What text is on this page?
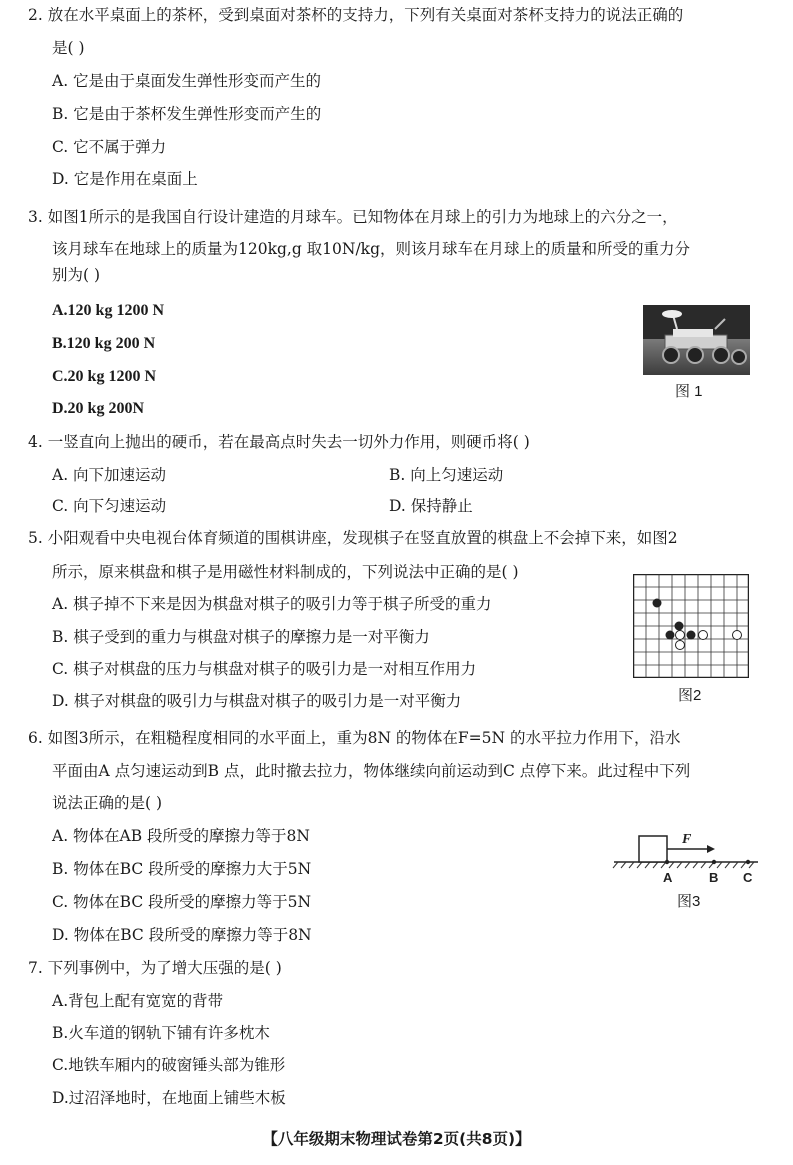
2. 放在水平桌面上的茶杯，受到桌面对茶杯的支持力，下列有关桌面对茶杯支持力的说法正确的
是( )
A. 它是由于桌面发生弹性形变而产生的
B. 它是由于茶杯发生弹性形变而产生的
C. 它不属于弹力
D. 它是作用在桌面上
3. 如图1所示的是我国自行设计建造的月球车。已知物体在月球上的引力为地球上的六分之一，
该月球车在地球上的质量为120kg,g 取10N/kg，则该月球车在月球上的质量和所受的重力分
别为( )
A.120 kg 1200 N
B.120 kg 200 N
C.20 kg 1200 N
D.20 kg 200N
图 1
4. 一竖直向上抛出的硬币，若在最高点时失去一切外力作用，则硬币将( )
A. 向下加速运动	B. 向上匀速运动
C. 向下匀速运动	D. 保持静止
5. 小阳观看中央电视台体育频道的围棋讲座，发现棋子在竖直放置的棋盘上不会掉下来，如图2
所示，原来棋盘和棋子是用磁性材料制成的，下列说法中正确的是( )
A. 棋子掉不下来是因为棋盘对棋子的吸引力等于棋子所受的重力
B. 棋子受到的重力与棋盘对棋子的摩擦力是一对平衡力
C. 棋子对棋盘的压力与棋盘对棋子的吸引力是一对相互作用力
D. 棋子对棋盘的吸引力与棋盘对棋子的吸引力是一对平衡力	图2
6. 如图3所示，在粗糙程度相同的水平面上，重为8N 的物体在F=5N 的水平拉力作用下，沿水
平面由A 点匀速运动到B 点，此时撤去拉力，物体继续向前运动到C 点停下来。此过程中下列
说法正确的是( )
A. 物体在AB 段所受的摩擦力等于8N
B. 物体在BC 段所受的摩擦力大于5N
C. 物体在BC 段所受的摩擦力等于5N
D. 物体在BC 段所受的摩擦力等于8N
F
A	B C
图3
7. 下列事例中，为了增大压强的是( )
A.背包上配有宽宽的背带
B.火车道的钢轨下铺有许多枕木
C.地铁车厢内的破窗锤头部为锥形
D.过沼泽地时，在地面上铺些木板
【八年级期末物理试卷第2页(共8页)】
